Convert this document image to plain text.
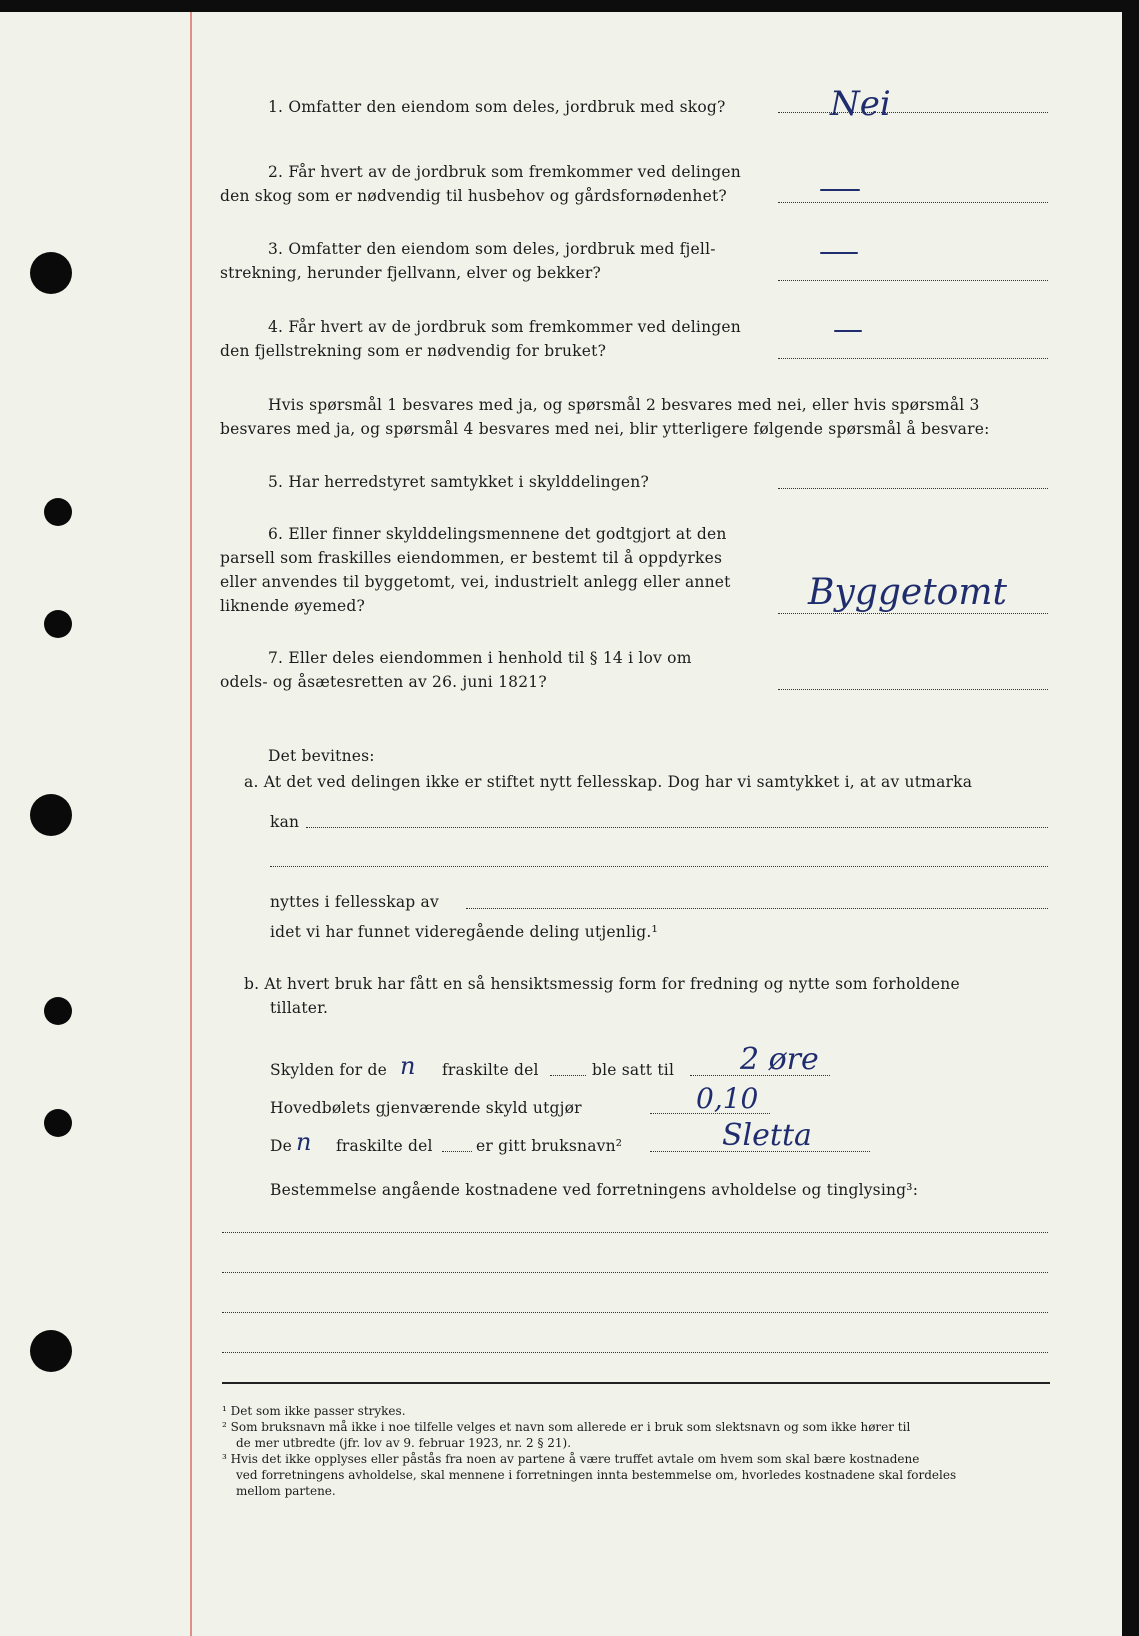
1. Omfatter den eiendom som deles, jordbruk med skog?	Nei
2. Får hvert av de jordbruk som fremkommer ved delingen
den skog som er nødvendig til husbehov og gårdsfornødenhet?
3. Omfatter den eiendom som deles, jordbruk med fjell-
strekning, herunder fjellvann, elver og bekker?
4. Får hvert av de jordbruk som fremkommer ved delingen
den fjellstrekning som er nødvendig for bruket?
Hvis spørsmål 1 besvares med ja, og spørsmål 2 besvares med nei, eller hvis spørsmål 3
besvares med ja, og spørsmål 4 besvares med nei, blir ytterligere følgende spørsmål å besvare:
5. Har herredstyret samtykket i skylddelingen?
6. Eller finner skylddelingsmennene det godtgjort at den
parsell som fraskilles eiendommen, er bestemt til å oppdyrkes
eller anvendes til byggetomt, vei, industrielt anlegg eller annet
liknende øyemed?	Byggetomt
7. Eller deles eiendommen i henhold til § 14 i lov om
odels- og åsætesretten av 26. juni 1821?
Det bevitnes:
a. At det ved delingen ikke er stiftet nytt fellesskap. Dog har vi samtykket i, at av utmarka
kan
nyttes i fellesskap av
idet vi har funnet videregående deling utjenlig.¹
b. At hvert bruk har fått en så hensiktsmessig form for fredning og nytte som forholdene
tillater.
Skylden for de n fraskilte del	ble satt til 2 øre
Hovedbølets gjenværende skyld utgjør	0,10
De n fraskilte del	er gitt bruksnavn²	Sletta
Bestemmelse angående kostnadene ved forretningens avholdelse og tinglysing³:
¹ Det som ikke passer strykes.
² Som bruksnavn må ikke i noe tilfelle velges et navn som allerede er i bruk som slektsnavn og som ikke hører til
de mer utbredte (jfr. lov av 9. februar 1923, nr. 2 § 21).
³ Hvis det ikke opplyses eller påstås fra noen av partene å være truffet avtale om hvem som skal bære kostnadene
ved forretningens avholdelse, skal mennene i forretningen innta bestemmelse om, hvorledes kostnadene skal fordeles
mellom partene.
